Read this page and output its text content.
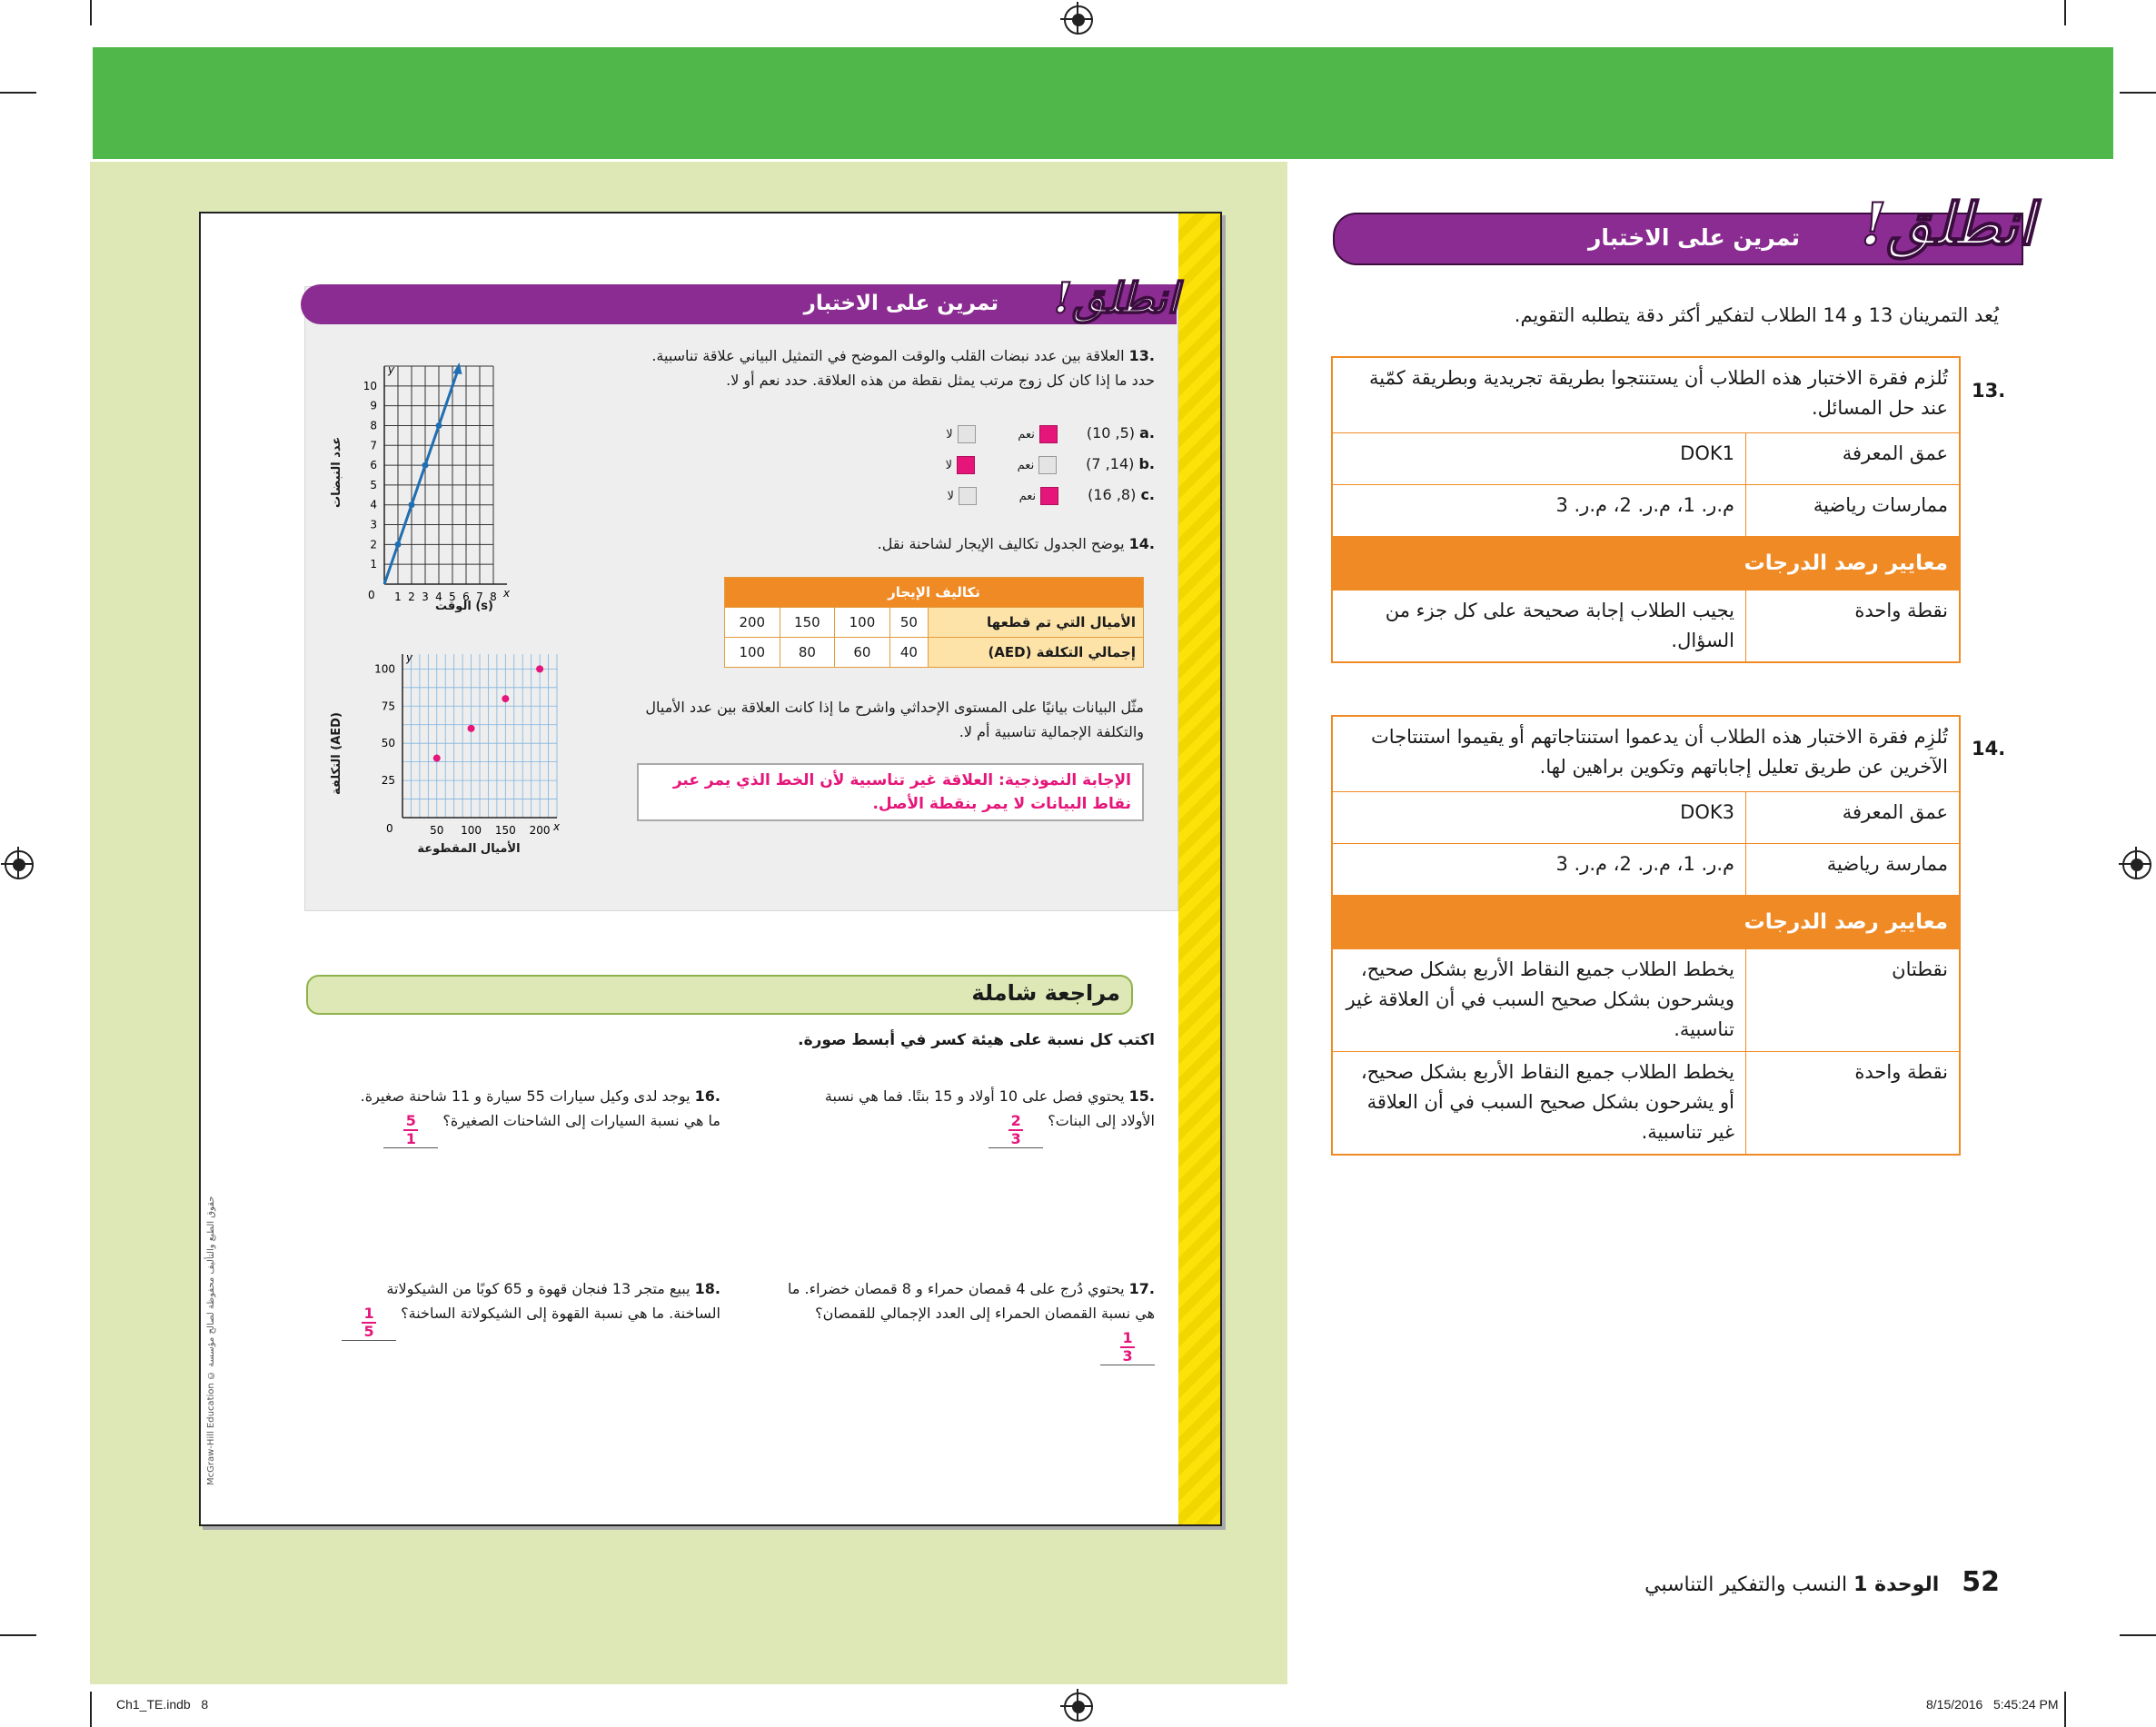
انطلق!
تمرين على الاختبار
.13 العلاقة بين عدد نبضات القلب والوقت الموضح في التمثيل البياني علاقة تناسبية. حدد ما إذا كان كل زوج مرتب يمثل نقطة من هذه العلاقة. حدد نعم أو لا.
.a (5, 10)  نعم  لا
.b (14, 7)  نعم  لا
.c (8, 16)  نعم  لا
x
y
0 1 2 3 4 5 6 7 8
1
2
3
4
5
6
7
8
9
10
عدد النبضات
الوقت (s)
.14 يوضح الجدول تكاليف الإيجار لشاحنة نقل.
تكاليف الإيجار				
الأميال التي تم قطعها	50	100	150	200
إجمالي التكلفة (AED)	40	60	80	100
مثّل البيانات بيانيًا على المستوى الإحداثي واشرح ما إذا كانت العلاقة بين عدد الأميال والتكلفة الإجمالية تناسبية أم لا.
الإجابة النموذجية: العلاقة غير تناسبية لأن الخط الذي يمر عبر نقاط البيانات لا يمر بنقطة الأصل.
x
y
0	50 100 150 200
25
50
75
100
التكلفة (AED)
الأميال المقطوعة
مراجعة شاملة
اكتب كل نسبة على هيئة كسر في أبسط صورة.
.15 يحتوي فصل على 10 أولاد و 15 بنتًا. فما هي نسبة الأولاد إلى البنات؟
$\frac{2}{3}$
.16 يوجد لدى وكيل سيارات 55 سيارة و 11 شاحنة صغيرة. ما هي نسبة السيارات إلى الشاحنات الصغيرة؟
$\frac{5}{1}$
.17 يحتوي دُرج على 4 قمصان حمراء و 8 قمصان خضراء. ما هي نسبة القمصان الحمراء إلى العدد الإجمالي للقمصان؟
$\frac{1}{3}$
.18 يبيع متجر 13 فنجان قهوة و 65 كوبًا من الشيكولاتة الساخنة. ما هي نسبة القهوة إلى الشيكولاتة الساخنة؟
$\frac{1}{5}$
McGraw-Hill Education © حقوق الطبع والتأليف محفوظة لصالح مؤسسة
انطلق!
تمرين على الاختبار
يُعد التمرينان 13 و 14 الطلاب لتفكير أكثر دقة يتطلبه التقويم.
.13
تُلزم فقرة الاختبار هذه الطلاب أن يستنتجوا بطريقة تجريدية وبطريقة كمّية عند حل المسائل.	
عمق المعرفة	DOK1
ممارسات رياضية	م.ر. 1، م.ر. 2، م.ر. 3
معايير رصد الدرجات	
نقطة واحدة	يجيب الطلاب إجابة صحيحة على كل جزء من السؤال.
.14
تُلزِم فقرة الاختبار هذه الطلاب أن يدعموا استنتاجاتهم أو يقيموا استنتاجات الآخرين عن طريق تعليل إجاباتهم وتكوين براهين لها.	
عمق المعرفة	DOK3
ممارسة رياضية	م.ر. 1، م.ر. 2، م.ر. 3
معايير رصد الدرجات	
نقطتان	يخطط الطلاب جميع النقاط الأربع بشكل صحيح، ويشرحون بشكل صحيح السبب في أن العلاقة غير تناسبية.
نقطة واحدة	يخطط الطلاب جميع النقاط الأربع بشكل صحيح، أو يشرحون بشكل صحيح السبب في أن العلاقة غير تناسبية.
52 الوحدة 1 النسب والتفكير التناسبي
Ch1_TE.indb   8	8/15/2016   5:45:24 PM
